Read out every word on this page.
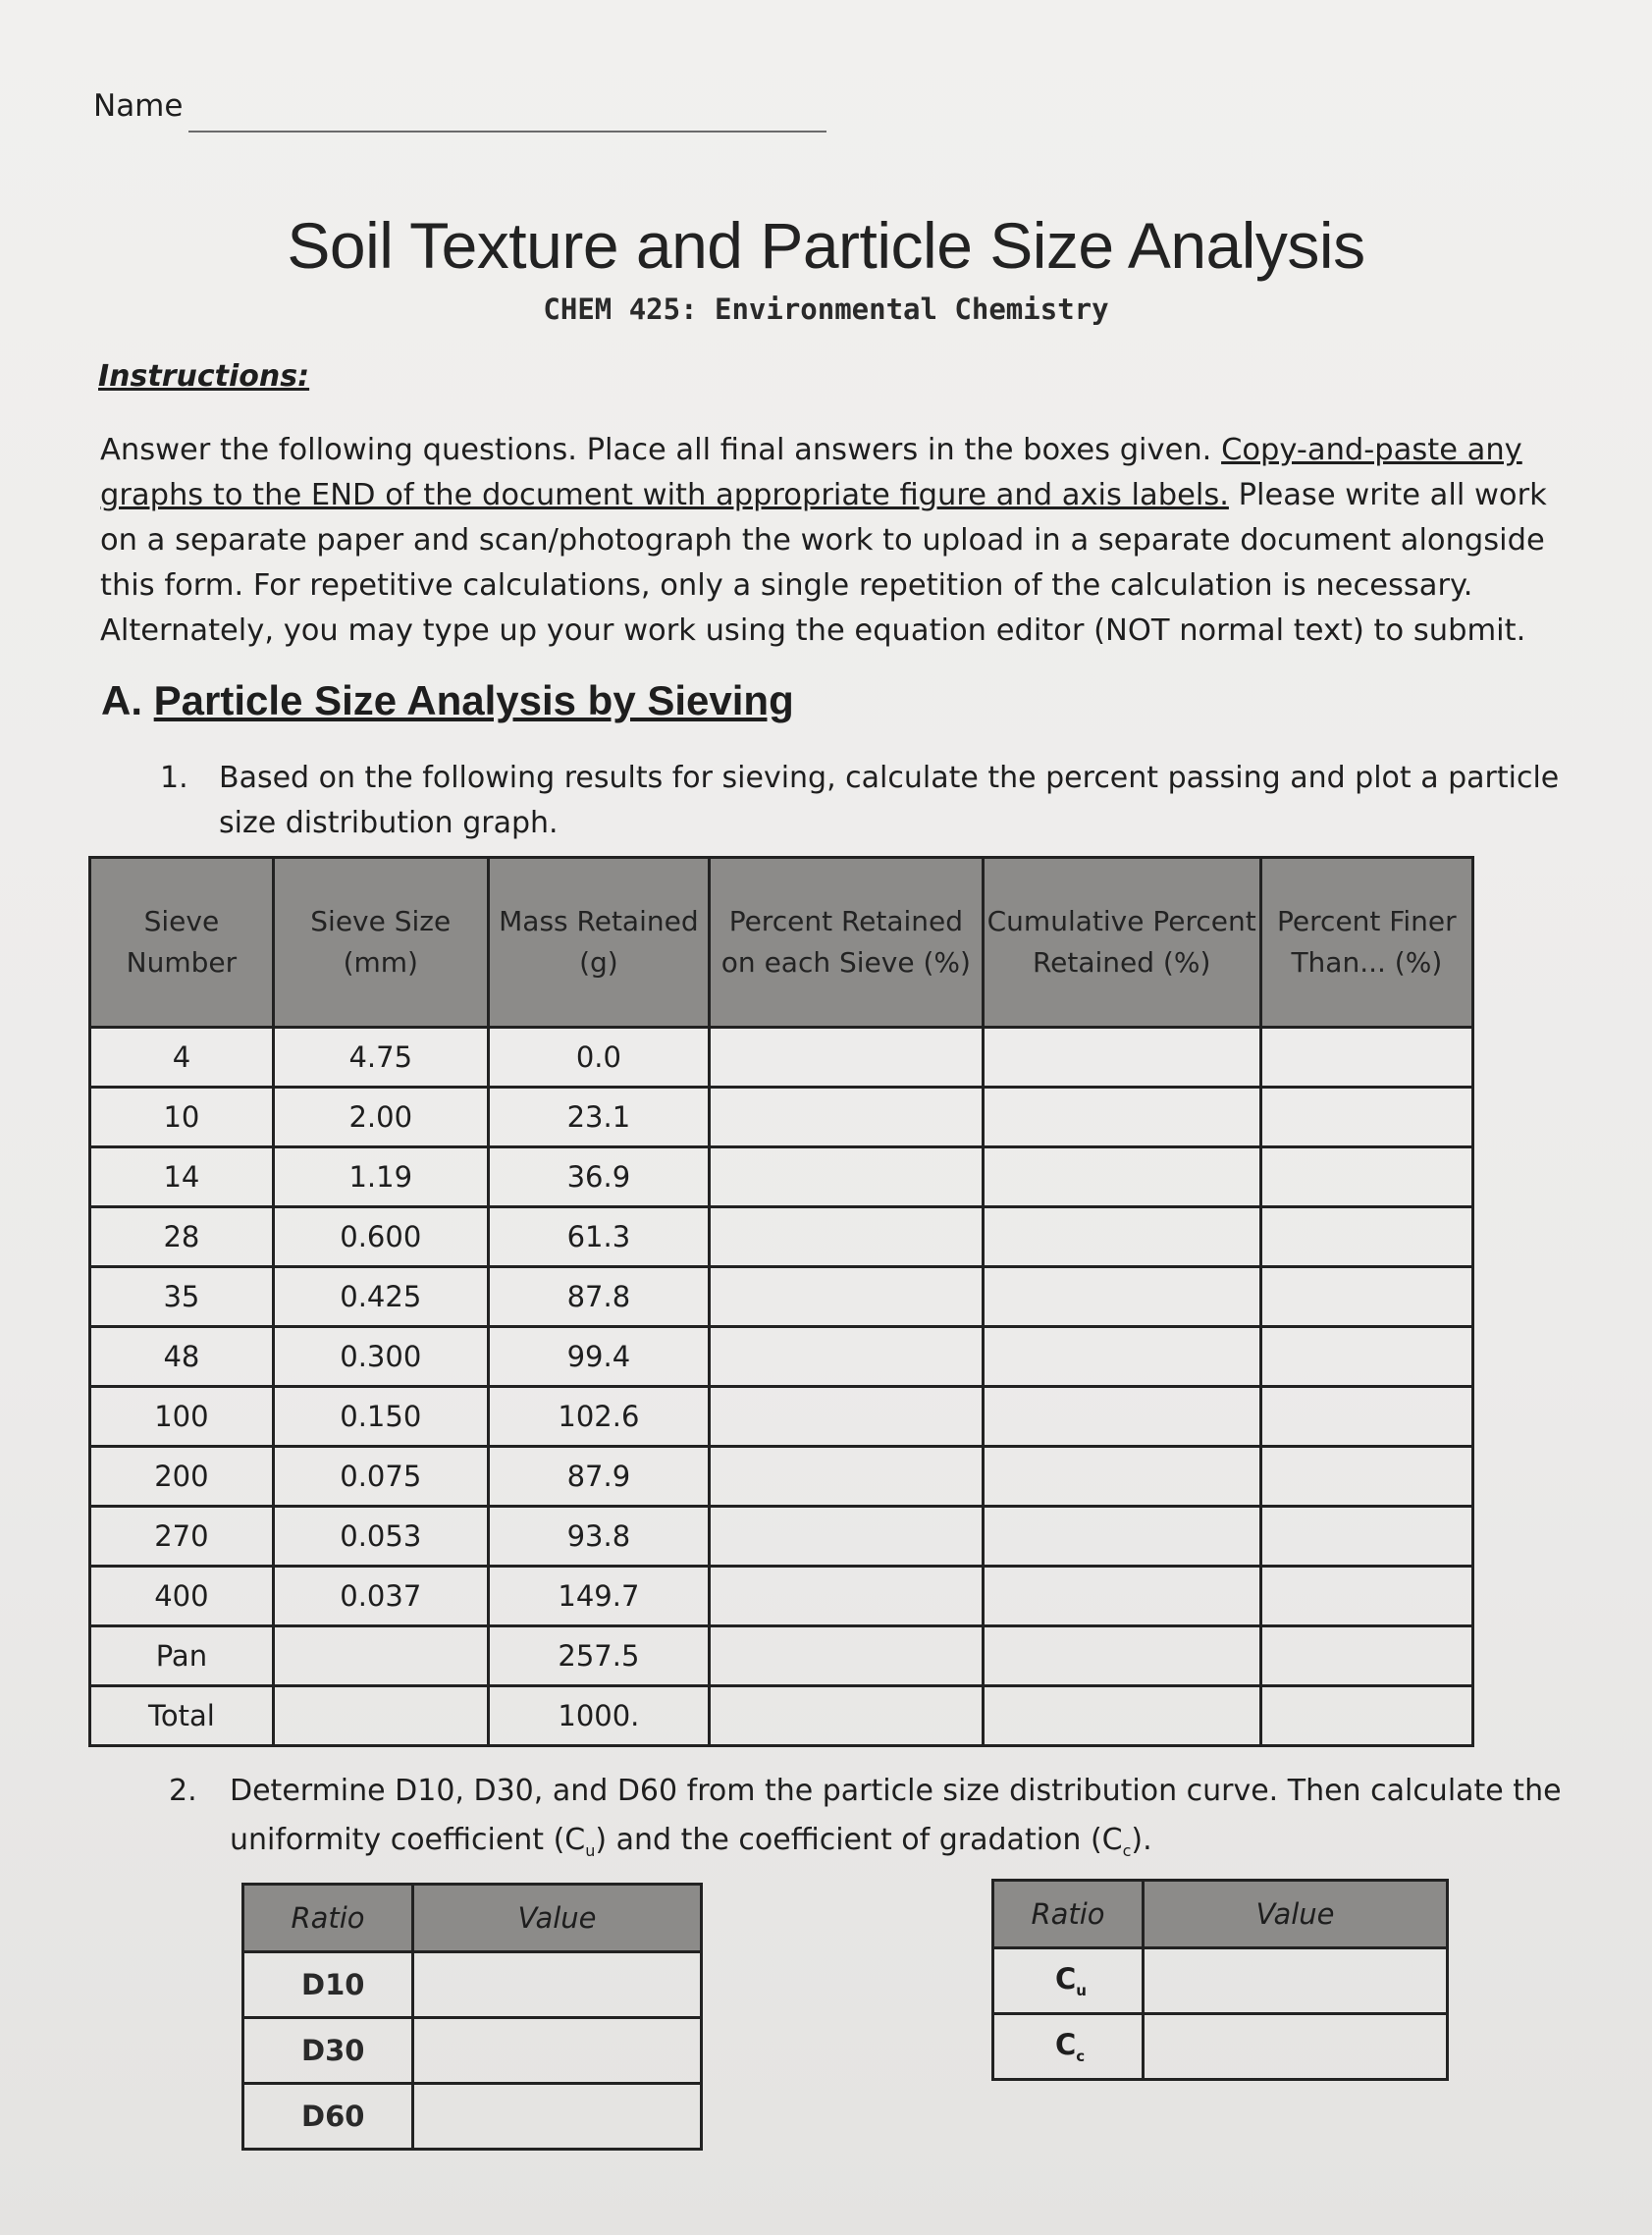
Name
Soil Texture and Particle Size Analysis
CHEM 425: Environmental Chemistry
Instructions:
Answer the following questions. Place all final answers in the boxes given. Copy-and-paste any graphs to the END of the document with appropriate figure and axis labels. Please write all work on a separate paper and scan/photograph the work to upload in a separate document alongside this form. For repetitive calculations, only a single repetition of the calculation is necessary. Alternately, you may type up your work using the equation editor (NOT normal text) to submit.
A. Particle Size Analysis by Sieving
1.	Based on the following results for sieving, calculate the percent passing and plot a particle size distribution graph.
Sieve Number	Sieve Size (mm)	Mass Retained (g)	Percent Retained on each Sieve (%)	Cumulative Percent Retained (%)	Percent Finer Than... (%)
4	4.75	0.0			
10	2.00	23.1			
14	1.19	36.9			
28	0.600	61.3			
35	0.425	87.8			
48	0.300	99.4			
100	0.150	102.6			
200	0.075	87.9			
270	0.053	93.8			
400	0.037	149.7			
Pan		257.5			
Total		1000.			
2.	Determine D10, D30, and D60 from the particle size distribution curve. Then calculate the uniformity coefficient $(C_u)$ and the coefficient of gradation $(C_c)$.
Ratio	Value
D10	
D30	
D60	
Ratio	Value
$C_u$	
$C_c$	
